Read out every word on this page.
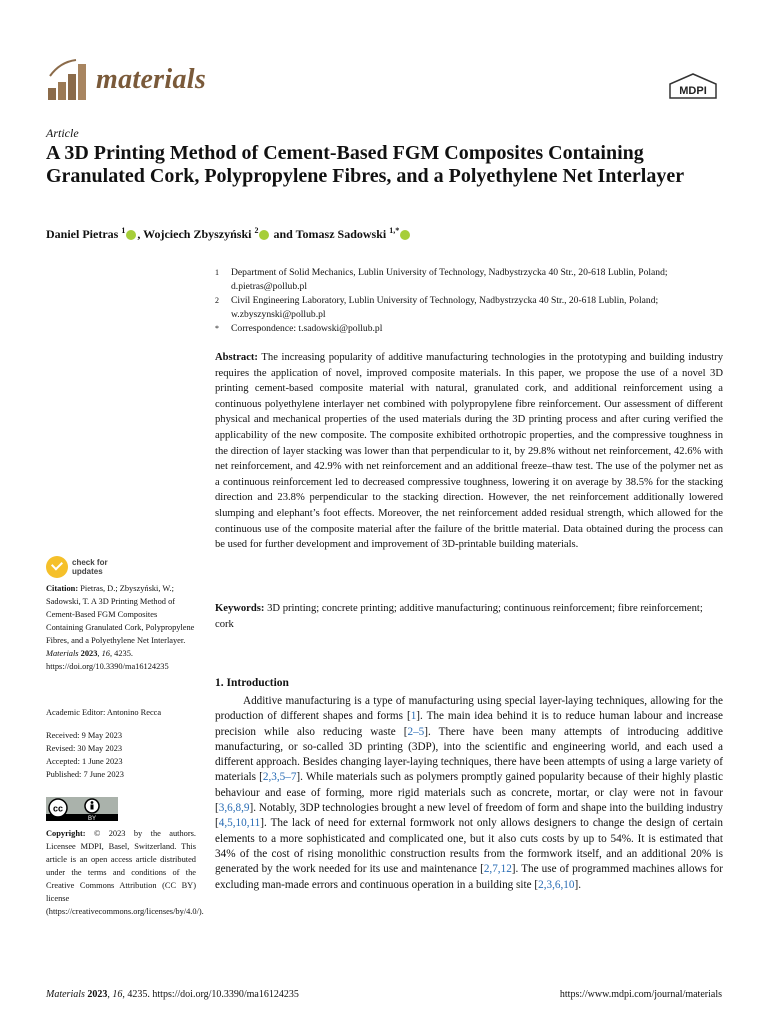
materials	MDPI
Article
A 3D Printing Method of Cement-Based FGM Composites Containing Granulated Cork, Polypropylene Fibres, and a Polyethylene Net Interlayer
Daniel Pietras $^1$ , Wojciech Zbyszyński $^2$ and Tomasz Sadowski $^{1,*}$
1	Department of Solid Mechanics, Lublin University of Technology, Nadbystrzycka 40 Str., 20-618 Lublin, Poland; d.pietras@pollub.pl
2	Civil Engineering Laboratory, Lublin University of Technology, Nadbystrzycka 40 Str., 20-618 Lublin, Poland; w.zbyszynski@pollub.pl
*	Correspondence: t.sadowski@pollub.pl

Abstract: The increasing popularity of additive manufacturing technologies in the prototyping and building industry requires the application of novel, improved composite materials. In this paper, we propose the use of a novel 3D printing cement-based composite material with natural, granulated cork, and additional reinforcement using a continuous polyethylene interlayer net combined with polypropylene fibre reinforcement. Our assessment of different physical and mechanical properties of the used materials during the 3D printing process and after curing verified the applicability of the new composite. The composite exhibited orthotropic properties, and the compressive toughness in the direction of layer stacking was lower than that perpendicular to it, by 29.8% without net reinforcement, 42.6% with net reinforcement, and 42.9% with net reinforcement and an additional freeze–thaw test. The use of the polymer net as a continuous reinforcement led to decreased compressive toughness, lowering it on average by 38.5% for the stacking direction and 23.8% perpendicular to the stacking direction. However, the net reinforcement additionally lowered slumping and elephant’s foot effects. Moreover, the net reinforcement added residual strength, which allowed for the continuous use of the composite material after the failure of the brittle material. Data obtained during the process can be used for further development and improvement of 3D-printable building materials.

Keywords: 3D printing; concrete printing; additive manufacturing; continuous reinforcement; fibre reinforcement; cork

1. Introduction

Additive manufacturing is a type of manufacturing using special layer-laying techniques, allowing for the production of different shapes and forms [1]. The main idea behind it is to reduce human labour and increase precision while also reducing waste [2–5]. There have been many attempts of introducing additive manufacturing, or so-called 3D printing (3DP), into the scientific and engineering world, and each used a different approach. Besides changing layer-laying techniques, there have been attempts of using a large variety of materials [2,3,5–7]. While materials such as polymers promptly gained popularity because of their highly plastic behaviour and ease of forming, more rigid materials such as concrete, mortar, or clay were not in favour [3,6,8,9]. Notably, 3DP technologies brought a new level of freedom of form and shape into the building industry [4,5,10,11]. The lack of need for external formwork not only allows designers to change the design of certain elements to a more sophisticated and complicated one, but it also cuts costs by up to 54%. It is estimated that 34% of the cost of rising monolithic construction results from the formwork itself, and an additional 20% is generated by the work needed for its use and maintenance [2,7,12]. The use of programmed machines allows for excluding man-made errors and continuous operation in a building site [2,3,6,10].

check for
updates

Citation: Pietras, D.; Zbyszyński, W.; Sadowski, T. A 3D Printing Method of Cement-Based FGM Composites Containing Granulated Cork, Polypropylene Fibres, and a Polyethylene Net Interlayer. Materials 2023, 16, 4235. https://doi.org/10.3390/ma16124235

Academic Editor: Antonino Recca

Received: 9 May 2023
Revised: 30 May 2023
Accepted: 1 June 2023
Published: 7 June 2023
cc
BY

Copyright: © 2023 by the authors. Licensee MDPI, Basel, Switzerland. This article is an open access article distributed under the terms and conditions of the Creative Commons Attribution (CC BY) license (https://creativecommons.org/licenses/by/4.0/).

Materials 2023, 16, 4235. https://doi.org/10.3390/ma16124235	https://www.mdpi.com/journal/materials
